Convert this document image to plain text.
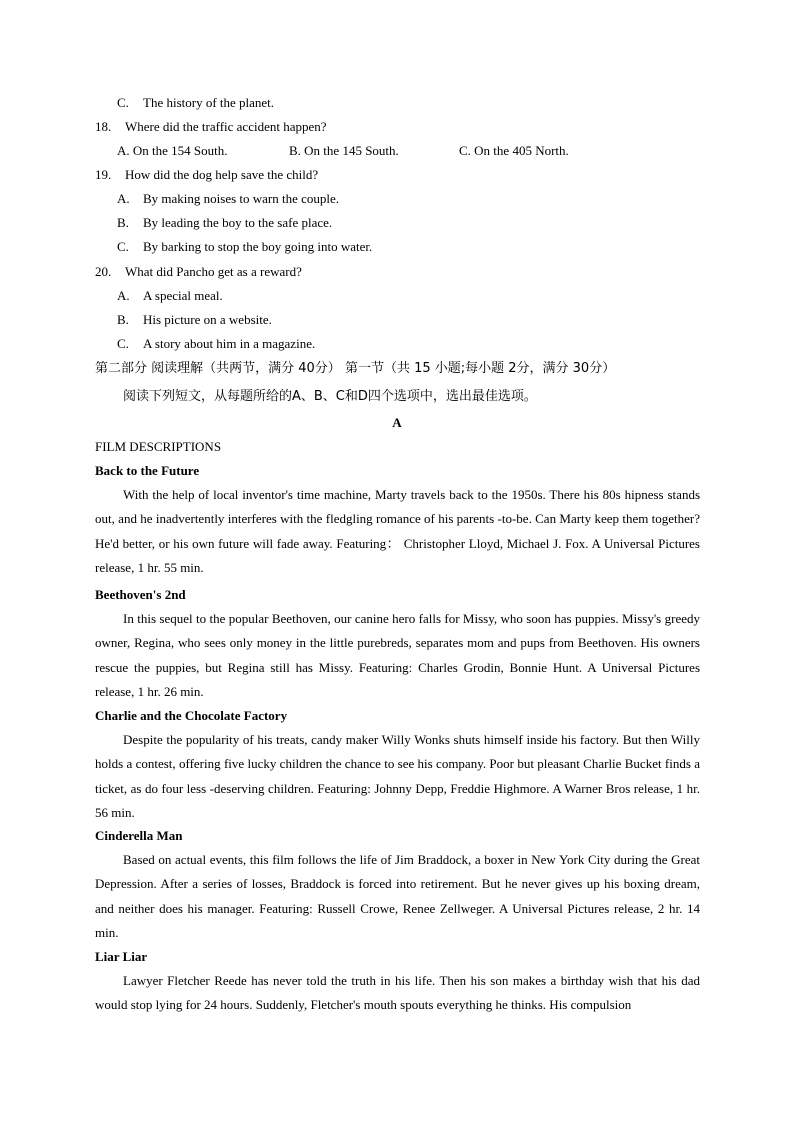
C. The history of the planet.
18. Where did the traffic accident happen?
A. On the 154 South.	B. On the 145 South.	C. On the 405 North.
19. How did the dog help save the child?
A. By making noises to warn the couple.
B. By leading the boy to the safe place.
C. By barking to stop the boy going into water.
20. What did Pancho get as a reward?
A. A special meal.
B. His picture on a website.
C. A story about him in a magazine.
第二部分 阅读理解（共两节，满分 40分） 第一节（共 15 小题;每小题 2分，满分 30分）
阅读下列短文，从每题所给的A、B、C和D四个选项中，选出最佳选项。
A
FILM DESCRIPTIONS
Back to the Future

With the help of local inventor's time machine, Marty travels back to the 1950s. There his 80s hipness stands out, and he inadvertently interferes with the fledgling romance of his parents -to-be. Can Marty keep them together? He'd better, or his own future will fade away. Featuring： Christopher Lloyd, Michael J. Fox. A Universal Pictures release, 1 hr. 55 min.

Beethoven's 2nd

In this sequel to the popular Beethoven, our canine hero falls for Missy, who soon has puppies. Missy's greedy owner, Regina, who sees only money in the little purebreds, separates mom and pups from Beethoven. His owners rescue the puppies, but Regina still has Missy. Featuring: Charles Grodin, Bonnie Hunt. A Universal Pictures release, 1 hr. 26 min.

Charlie and the Chocolate Factory

Despite the popularity of his treats, candy maker Willy Wonks shuts himself inside his factory. But then Willy holds a contest, offering five lucky children the chance to see his company. Poor but pleasant Charlie Bucket finds a ticket, as do four less -deserving children. Featuring: Johnny Depp, Freddie Highmore. A Warner Bros release, 1 hr. 56 min.

Cinderella Man

Based on actual events, this film follows the life of Jim Braddock, a boxer in New York City during the Great Depression. After a series of losses, Braddock is forced into retirement. But he never gives up his boxing dream, and neither does his manager. Featuring: Russell Crowe, Renee Zellweger. A Universal Pictures release, 2 hr. 14 min.

Liar Liar

Lawyer Fletcher Reede has never told the truth in his life. Then his son makes a birthday wish that his dad would stop lying for 24 hours. Suddenly, Fletcher's mouth spouts everything he thinks. His compulsion
